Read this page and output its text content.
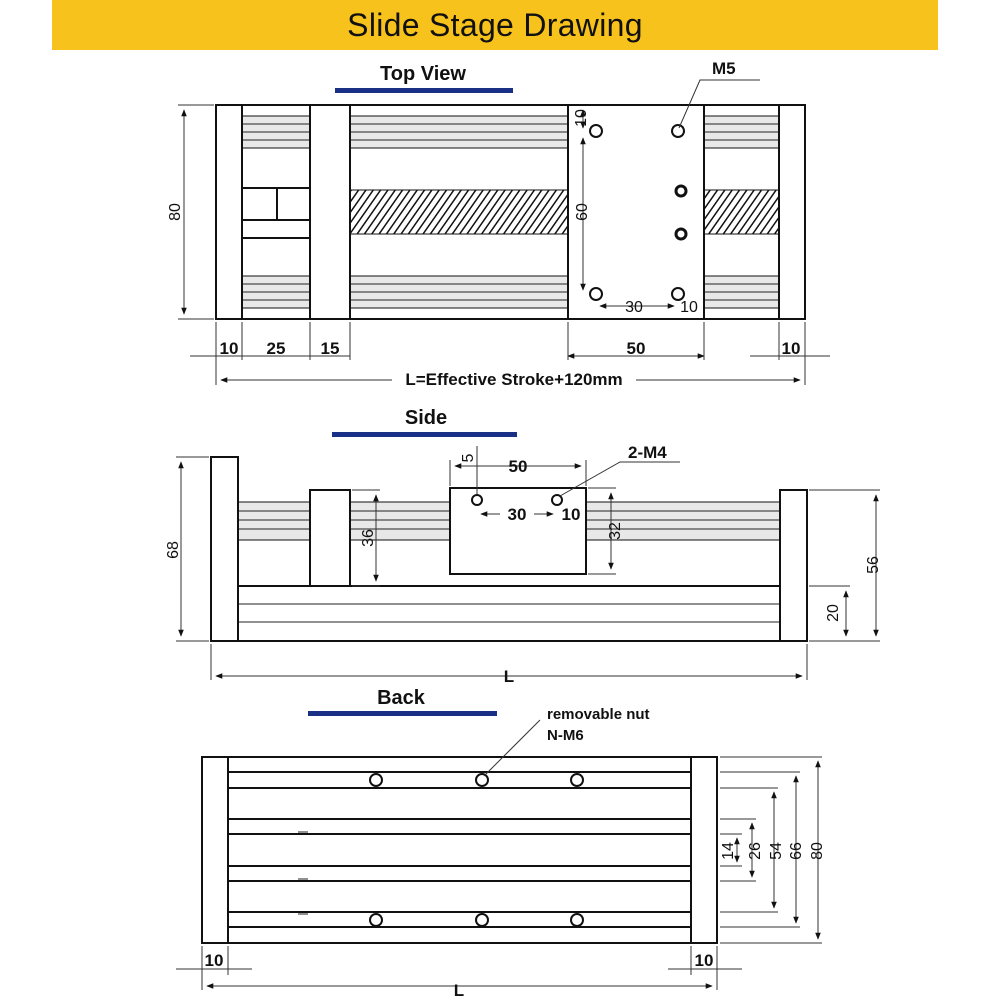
Slide Stage Drawing
Top View	M5
80
10
60
30 10
10 25 15	50	10
L=Effective Stroke+120mm
Side
68
36
50
5
30 10
2-M4
32
20
56
L
Back
removable nut
N-M6
14 26 54 66 80
10	10
L
